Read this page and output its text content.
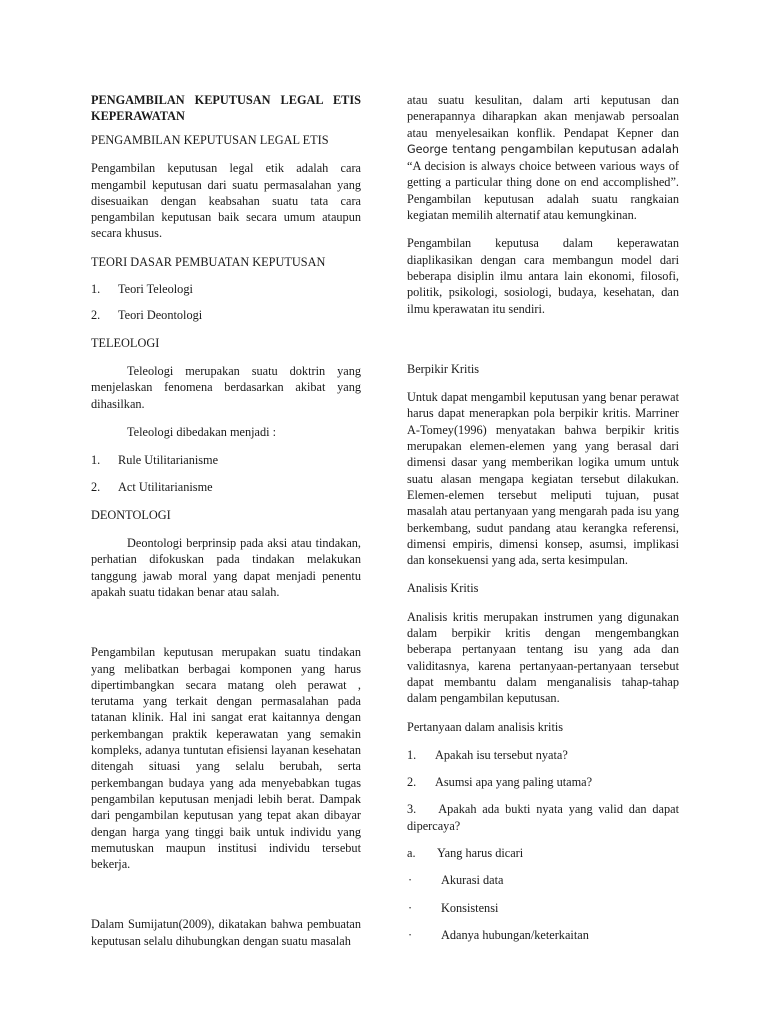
PENGAMBILAN KEPUTUSAN LEGAL ETIS KEPERAWATAN

PENGAMBILAN KEPUTUSAN LEGAL ETIS

Pengambilan keputusan legal etik adalah cara mengambil keputusan dari suatu permasalahan yang disesuaikan dengan keabsahan suatu tata cara pengambilan keputusan baik secara umum ataupun secara khusus.

TEORI DASAR PEMBUATAN KEPUTUSAN

1.	Teori Teleologi
2.	Teori Deontologi

TELEOLOGI

Teleologi merupakan suatu doktrin yang menjelaskan fenomena berdasarkan akibat yang dihasilkan.

Teleologi dibedakan menjadi :

1.	Rule Utilitarianisme
2.	Act Utilitarianisme

DEONTOLOGI

Deontologi berprinsip pada aksi atau tindakan, perhatian difokuskan pada tindakan melakukan tanggung jawab moral yang dapat menjadi penentu apakah suatu tidakan benar atau salah.

Pengambilan keputusan merupakan suatu tindakan yang melibatkan berbagai komponen yang harus dipertimbangkan secara matang oleh perawat , terutama yang terkait dengan permasalahan pada tatanan klinik. Hal ini sangat erat kaitannya dengan perkembangan praktik keperawatan yang semakin kompleks, adanya tuntutan efisiensi layanan kesehatan ditengah situasi yang selalu berubah, serta perkembangan budaya yang ada menyebabkan tugas pengambilan keputusan menjadi lebih berat. Dampak dari pengambilan keputusan yang tepat akan dibayar dengan harga yang tinggi baik untuk individu yang memutuskan maupun institusi individu tersebut bekerja.

Dalam Sumijatun(2009), dikatakan bahwa pembuatan keputusan selalu dihubungkan dengan suatu masalah

atau suatu kesulitan, dalam arti keputusan dan penerapannya diharapkan akan menjawab persoalan atau menyelesaikan konflik. Pendapat Kepner dan George tentang pengambilan keputusan adalah “A decision is always choice between various ways of getting a particular thing done on end accomplished”. Pengambilan keputusan adalah suatu rangkaian kegiatan memilih alternatif atau kemungkinan.

Pengambilan keputusa dalam keperawatan diaplikasikan dengan cara membangun model dari beberapa disiplin ilmu antara lain ekonomi, filosofi, politik, psikologi, sosiologi, budaya, kesehatan, dan ilmu kperawatan itu sendiri.

Berpikir Kritis

Untuk dapat mengambil keputusan yang benar perawat harus dapat menerapkan pola berpikir kritis. Marriner A-Tomey(1996) menyatakan bahwa berpikir kritis merupakan elemen-elemen yang yang berasal dari dimensi dasar yang memberikan logika umum untuk suatu alasan mengapa kegiatan tersebut dilakukan. Elemen-elemen tersebut meliputi tujuan, pusat masalah atau pertanyaan yang mengarah pada isu yang berkembang, sudut pandang atau kerangka referensi, dimensi empiris, dimensi konsep, asumsi, implikasi dan konsekuensi yang ada, serta kesimpulan.

Analisis Kritis

Analisis kritis merupakan instrumen yang digunakan dalam berpikir kritis dengan mengembangkan beberapa pertanyaan tentang isu yang ada dan validitasnya, karena pertanyaan-pertanyaan tersebut dapat membantu dalam menganalisis tahap-tahap dalam pengambilan keputusan.

Pertanyaan dalam analisis kritis

1.	Apakah isu tersebut nyata?
2.	Asumsi apa yang paling utama?

3. Apakah ada bukti nyata yang valid dan dapat dipercaya?

a.	Yang harus dicari
·	Akurasi data
·	Konsistensi
·	Adanya hubungan/keterkaitan
